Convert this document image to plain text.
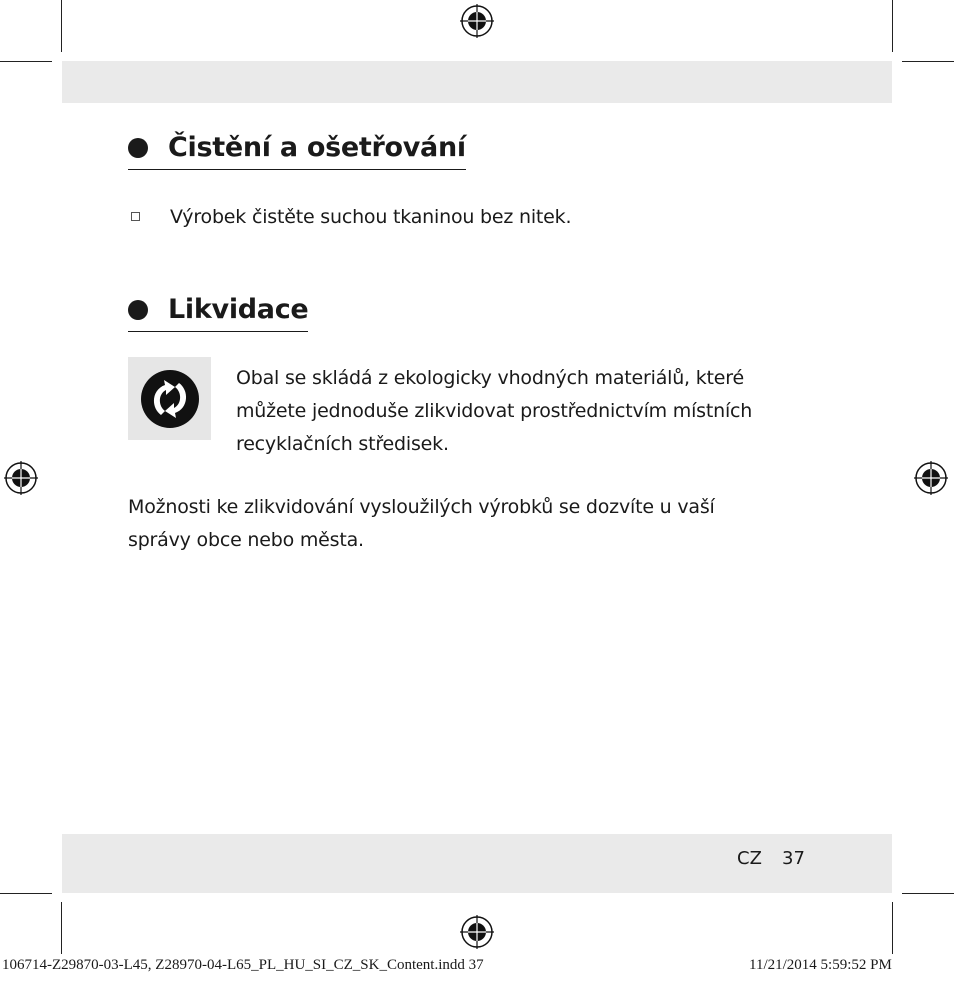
Čistění a ošetřování
Výrobek čistěte suchou tkaninou bez nitek.
Likvidace
Obal se skládá z ekologicky vhodných materiálů, které můžete jednoduše zlikvidovat prostřednictvím místních recyklačních středisek.
Možnosti ke zlikvidování vysloužilých výrobků se dozvíte u vaší správy obce nebo města.
CZ 37
106714-Z29870-03-L45, Z28970-04-L65_PL_HU_SI_CZ_SK_Content.indd 37	11/21/2014 5:59:52 PM
